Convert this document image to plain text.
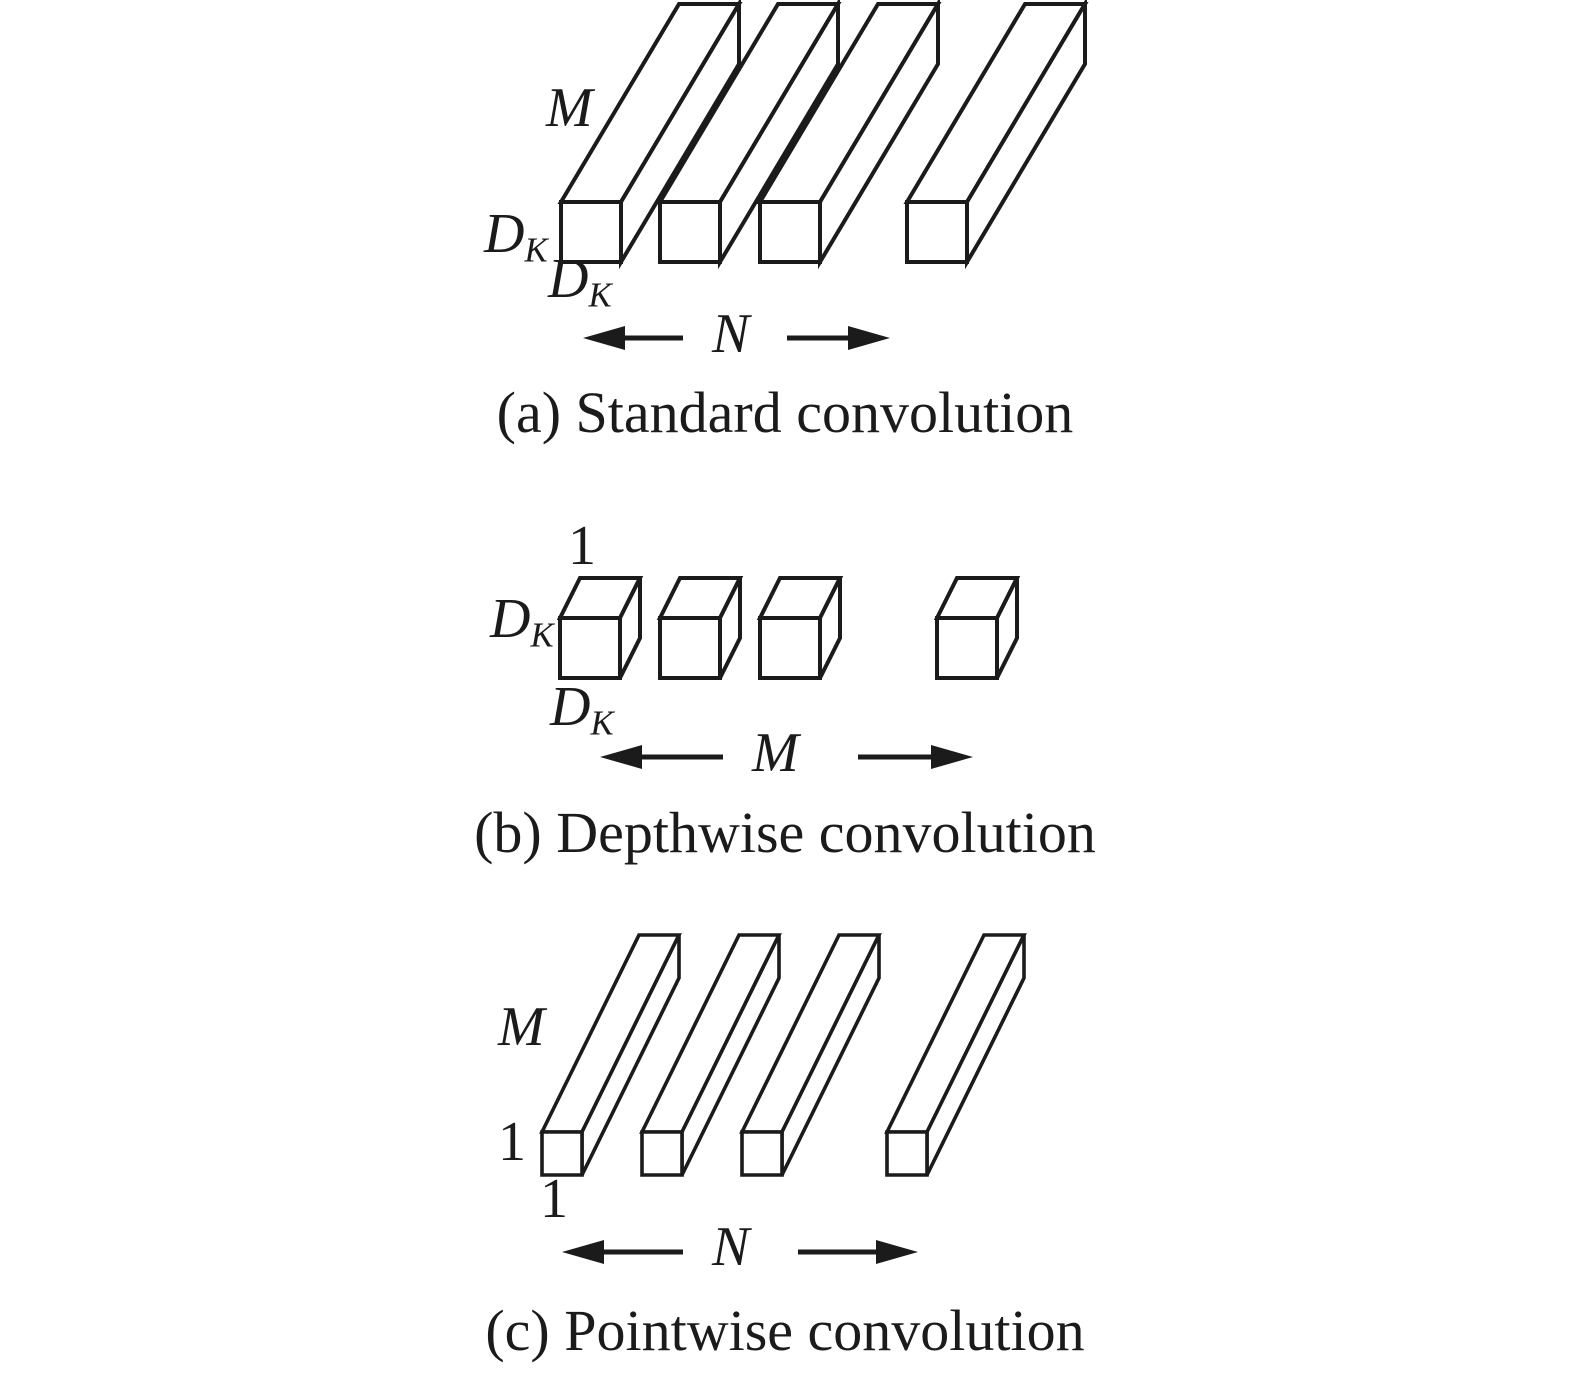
M
$D_K$ $D_K$
N
(a) Standard convolution
1
$D_K$
$D_K$ M
(b) Depthwise convolution
M
1
1
N
(c) Pointwise convolution
